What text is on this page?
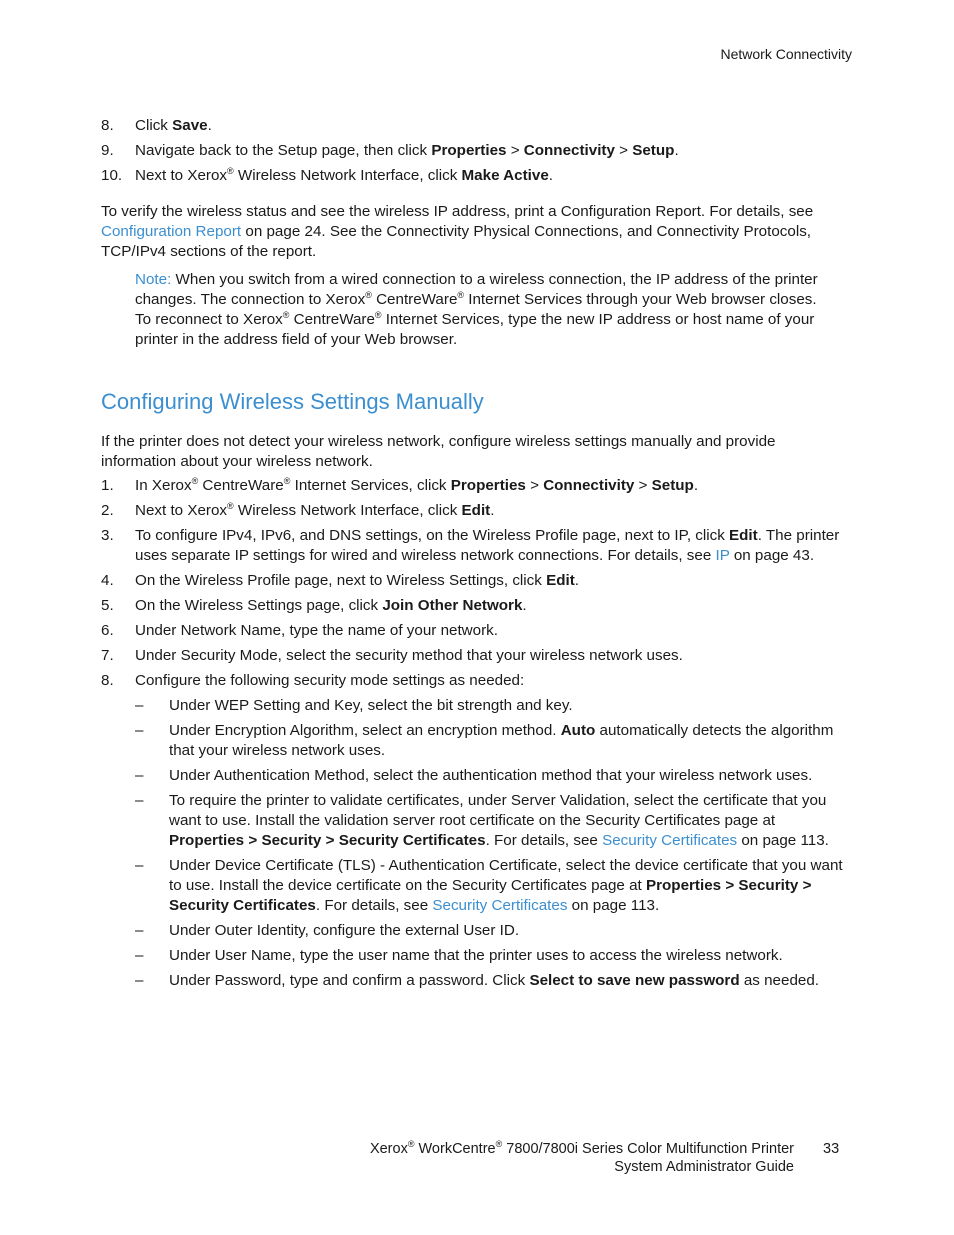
Network Connectivity
8. Click Save.
9. Navigate back to the Setup page, then click Properties > Connectivity > Setup.
10. Next to Xerox® Wireless Network Interface, click Make Active.

To verify the wireless status and see the wireless IP address, print a Configuration Report. For details, see Configuration Report on page 24. See the Connectivity Physical Connections, and Connectivity Protocols, TCP/IPv4 sections of the report.

Note: When you switch from a wired connection to a wireless connection, the IP address of the printer changes. The connection to Xerox® CentreWare® Internet Services through your Web browser closes. To reconnect to Xerox® CentreWare® Internet Services, type the new IP address or host name of your printer in the address field of your Web browser.

Configuring Wireless Settings Manually

If the printer does not detect your wireless network, configure wireless settings manually and provide information about your wireless network.

1. In Xerox® CentreWare® Internet Services, click Properties > Connectivity > Setup.
2. Next to Xerox® Wireless Network Interface, click Edit.
3. To configure IPv4, IPv6, and DNS settings, on the Wireless Profile page, next to IP, click Edit. The printer uses separate IP settings for wired and wireless network connections. For details, see IP on page 43.
4. On the Wireless Profile page, next to Wireless Settings, click Edit.
5. On the Wireless Settings page, click Join Other Network.
6. Under Network Name, type the name of your network.
7. Under Security Mode, select the security method that your wireless network uses.
8. Configure the following security mode settings as needed:
– Under WEP Setting and Key, select the bit strength and key.
– Under Encryption Algorithm, select an encryption method. Auto automatically detects the algorithm that your wireless network uses.
– Under Authentication Method, select the authentication method that your wireless network uses.
– To require the printer to validate certificates, under Server Validation, select the certificate that you want to use. Install the validation server root certificate on the Security Certificates page at Properties > Security > Security Certificates. For details, see Security Certificates on page 113.
– Under Device Certificate (TLS) - Authentication Certificate, select the device certificate that you want to use. Install the device certificate on the Security Certificates page at Properties > Security > Security Certificates. For details, see Security Certificates on page 113.
– Under Outer Identity, configure the external User ID.
– Under User Name, type the user name that the printer uses to access the wireless network.
– Under Password, type and confirm a password. Click Select to save new password as needed.
Xerox® WorkCentre® 7800/7800i Series Color Multifunction Printer
System Administrator Guide
33
